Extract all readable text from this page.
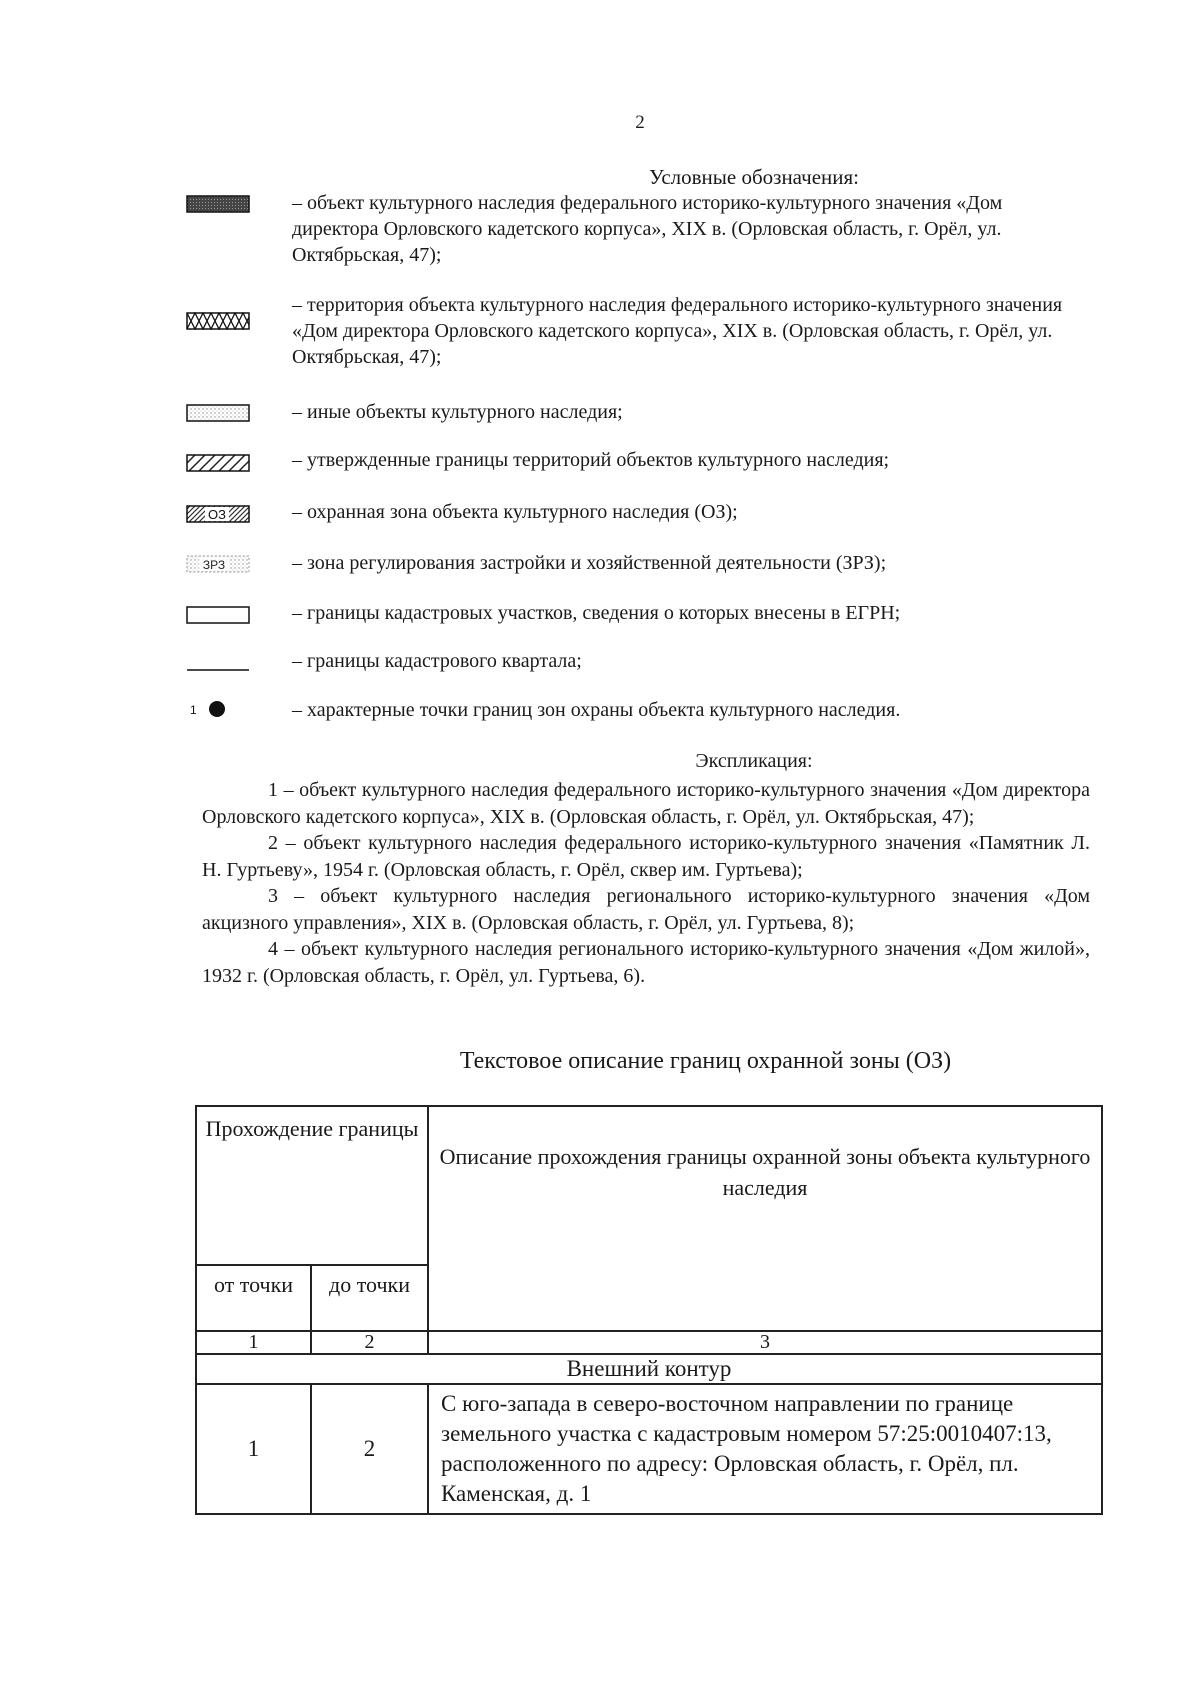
2
Условные обозначения:
– объект культурного наследия федерального историко-культурного значения «Дом директора Орловского кадетского корпуса», XIX в. (Орловская область, г. Орёл, ул. Октябрьская, 47);
– территория объекта культурного наследия федерального историко-культурного значения «Дом директора Орловского кадетского корпуса», XIX в. (Орловская область, г. Орёл, ул. Октябрьская, 47);
– иные объекты культурного наследия;
– утвержденные границы территорий объектов культурного наследия;
ОЗ	– охранная зона объекта культурного наследия (ОЗ);
ЗРЗ	– зона регулирования застройки и хозяйственной деятельности (ЗРЗ);
– границы кадастровых участков, сведения о которых внесены в ЕГРН;
– границы кадастрового квартала;
1	– характерные точки границ зон охраны объекта культурного наследия.
Экспликация:

1 – объект культурного наследия федерального историко-культурного значения «Дом директора Орловского кадетского корпуса», XIX в. (Орловская область, г. Орёл, ул. Октябрьская, 47);

2 – объект культурного наследия федерального историко-культурного значения «Памятник Л. Н. Гуртьеву», 1954 г. (Орловская область, г. Орёл, сквер им. Гуртьева);

3 – объект культурного наследия регионального историко-культурного значения «Дом акцизного управления», XIX в. (Орловская область, г. Орёл, ул. Гуртьева, 8);

4 – объект культурного наследия регионального историко-культурного значения «Дом жилой», 1932 г. (Орловская область, г. Орёл, ул. Гуртьева, 6).

Текстовое описание границ охранной зоны (ОЗ)
Прохождение границы		Описание прохождения границы охранной зоны объекта культурного наследия
от точки	до точки	
1	2	3
Внешний контур		
1	2	С юго-запада в северо-восточном направлении по границе земельного участка с кадастровым номером 57:25:0010407:13, расположенного по адресу: Орловская область, г. Орёл, пл. Каменская, д. 1
